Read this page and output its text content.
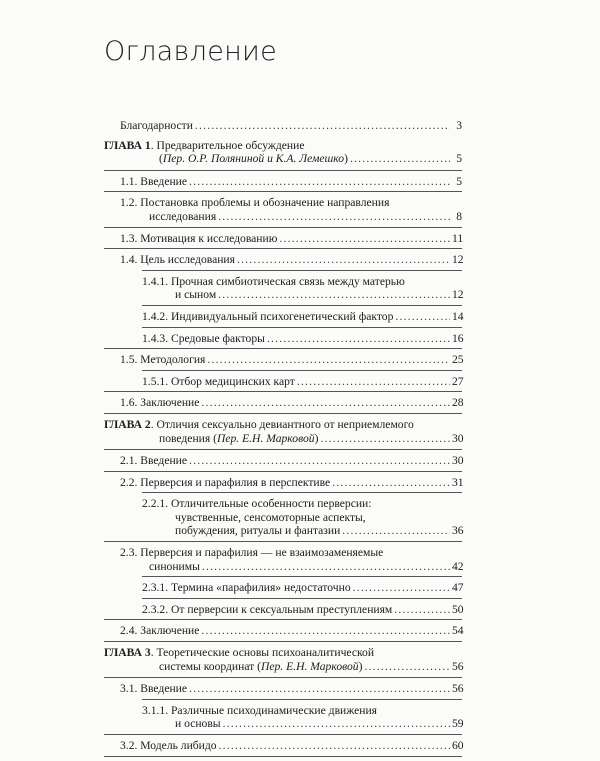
Оглавление
Благодарности .....	3
ГЛАВА 1. Предварительное обсуждение
(Пер. О.Р. Поляниной и К.А. Лемешко) .....	5
1.1. Введение .....	5
1.2. Постановка проблемы и обозначение направления
исследования .....	8
1.3. Мотивация к исследованию .....	11
1.4. Цель исследования .....	12
1.4.1. Прочная симбиотическая связь между матерью
и сыном .....	12
1.4.2. Индивидуальный психогенетический фактор .....	14
1.4.3. Средовые факторы .....	16
1.5. Методология .....	25
1.5.1. Отбор медицинских карт .....	27
1.6. Заключение .....	28
ГЛАВА 2. Отличия сексуально девиантного от неприемлемого
поведения (Пер. Е.Н. Марковой) .....	30
2.1. Введение .....	30
2.2. Перверсия и парафилия в перспективе .....	31
2.2.1. Отличительные особенности перверсии:
чувственные, сенсомоторные аспекты,
побуждения, ритуалы и фантазии .....	36
2.3. Перверсия и парафилия — не взаимозаменяемые
синонимы .....	42
2.3.1. Термина «парафилия» недостаточно .....	47
2.3.2. От перверсии к сексуальным преступлениям .....	50
2.4. Заключение .....	54
ГЛАВА 3. Теоретические основы психоаналитической
системы координат (Пер. Е.Н. Марковой) .....	56
3.1. Введение .....	56
3.1.1. Различные психодинамические движения
и основы .....	59
3.2. Модель либидо .....	60
